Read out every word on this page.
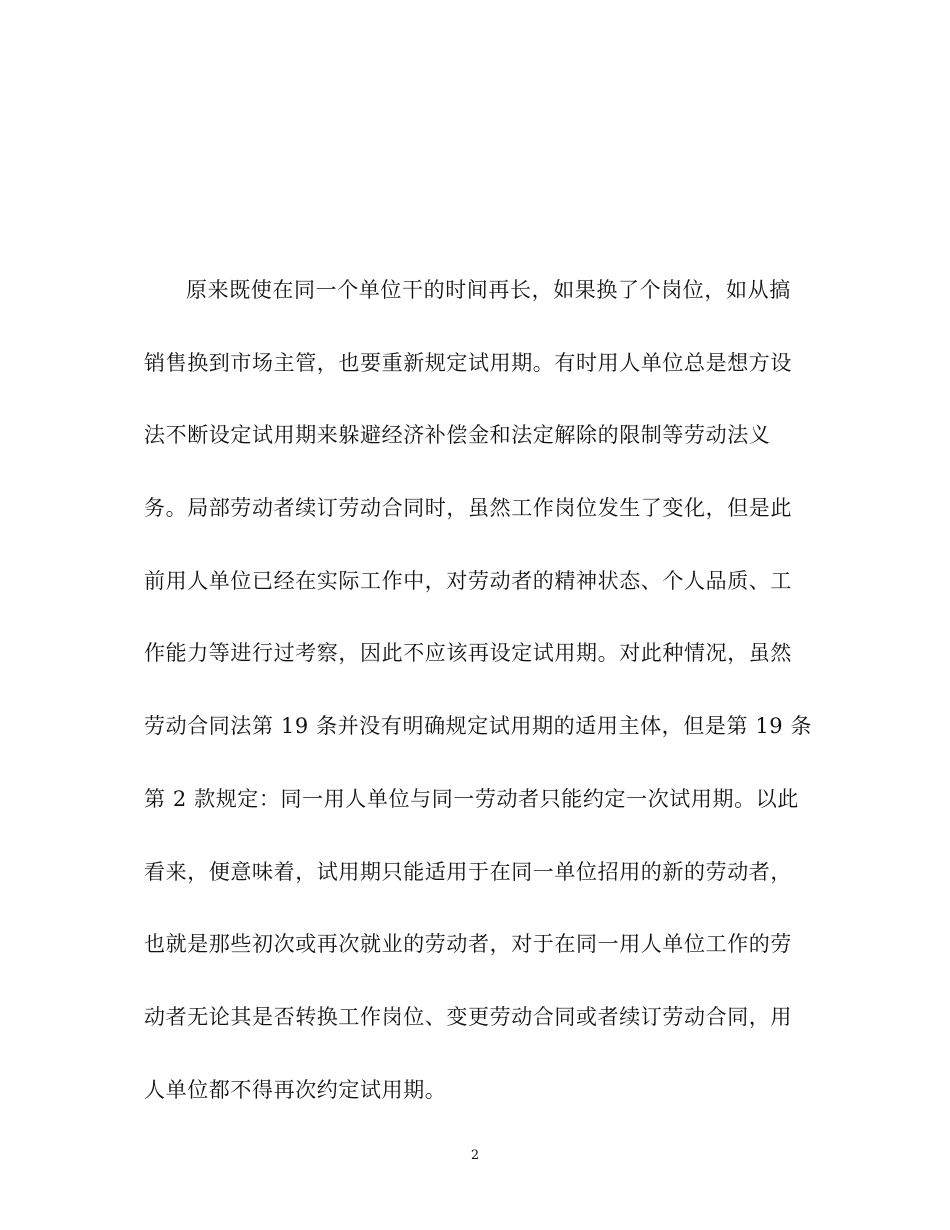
原来既使在同一个单位干的时间再长，如果换了个岗位，如从搞
销售换到市场主管，也要重新规定试用期。有时用人单位总是想方设
法不断设定试用期来躲避经济补偿金和法定解除的限制等劳动法义
务。局部劳动者续订劳动合同时，虽然工作岗位发生了变化，但是此
前用人单位已经在实际工作中，对劳动者的精神状态、个人品质、工
作能力等进行过考察，因此不应该再设定试用期。对此种情况，虽然
劳动合同法第 19 条并没有明确规定试用期的适用主体，但是第 19 条
第 2 款规定：同一用人单位与同一劳动者只能约定一次试用期。以此
看来，便意味着，试用期只能适用于在同一单位招用的新的劳动者，
也就是那些初次或再次就业的劳动者，对于在同一用人单位工作的劳
动者无论其是否转换工作岗位、变更劳动合同或者续订劳动合同，用
人单位都不得再次约定试用期。
2
